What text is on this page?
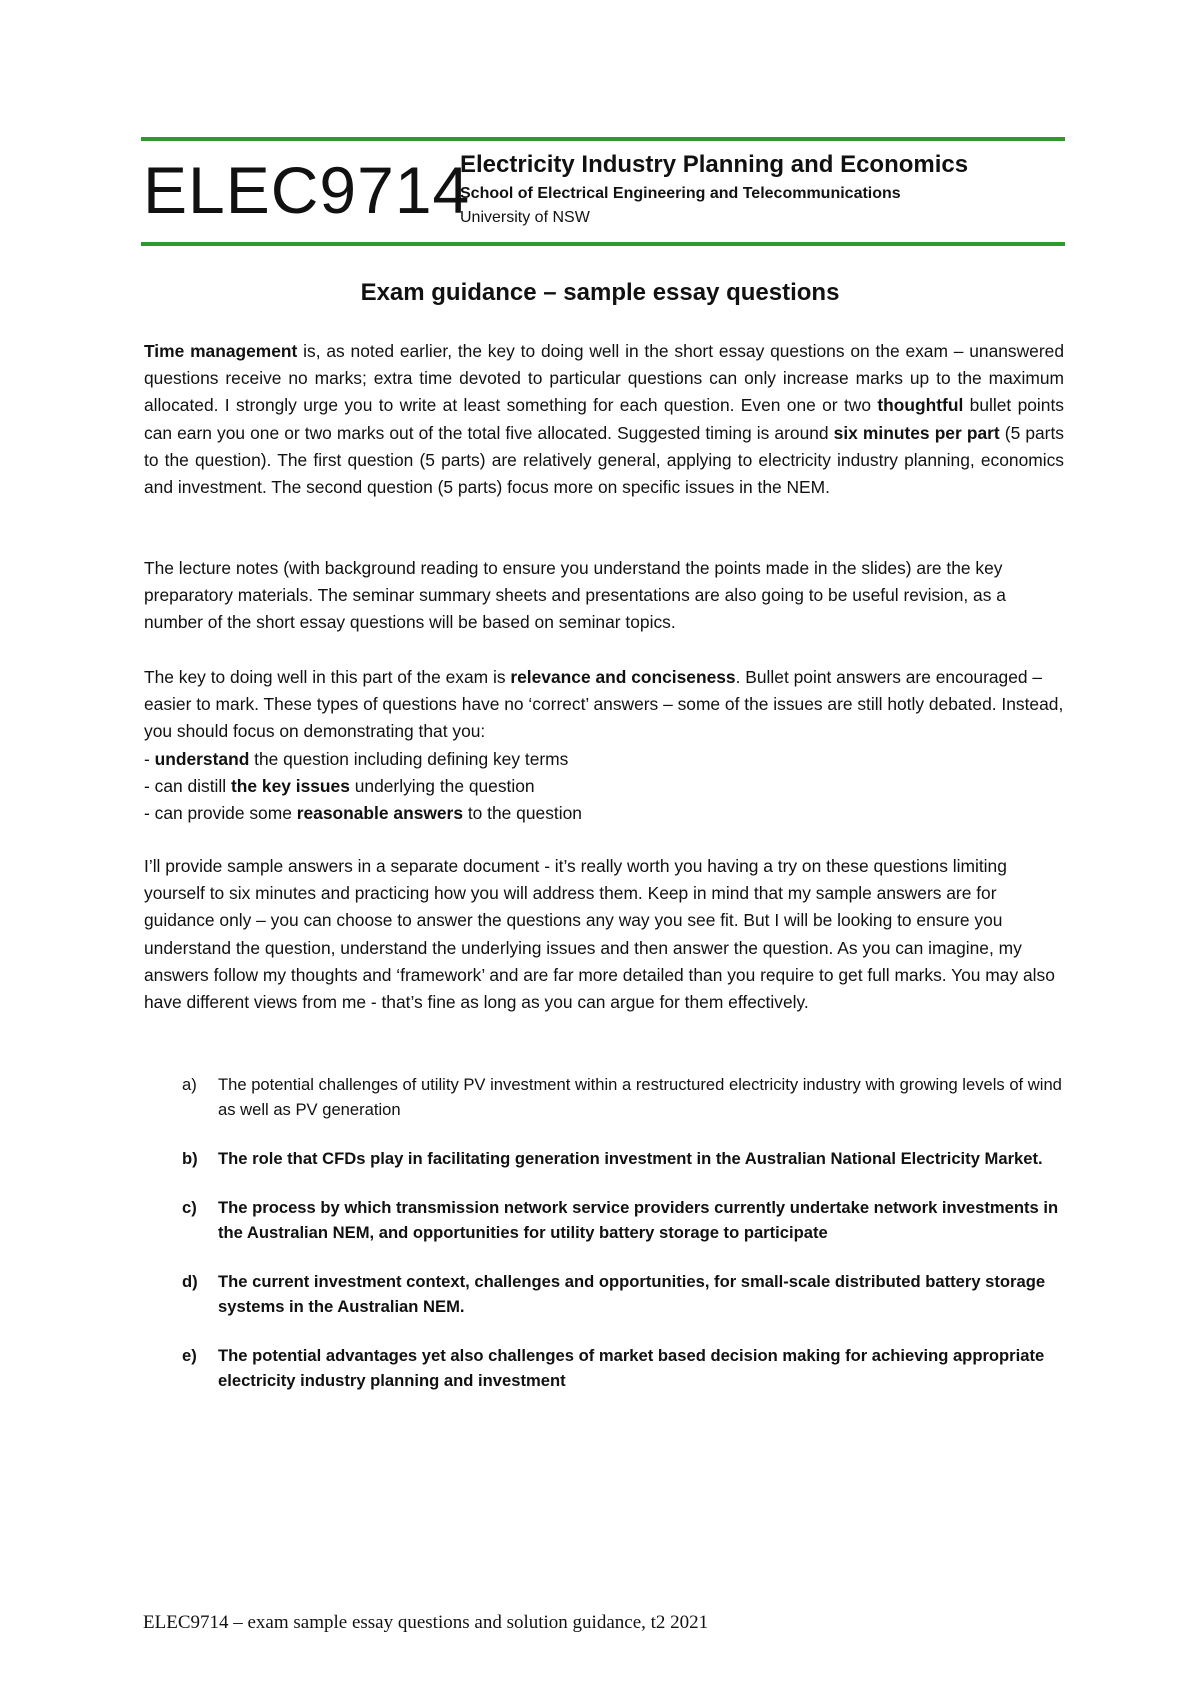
ELEC9714
Electricity Industry Planning and Economics
School of Electrical Engineering and Telecommunications
University of NSW
Exam guidance – sample essay questions

Time management is, as noted earlier, the key to doing well in the short essay questions on the exam – unanswered questions receive no marks; extra time devoted to particular questions can only increase marks up to the maximum allocated. I strongly urge you to write at least something for each question. Even one or two thoughtful bullet points can earn you one or two marks out of the total five allocated. Suggested timing is around six minutes per part (5 parts to the question). The first question (5 parts) are relatively general, applying to electricity industry planning, economics and investment. The second question (5 parts) focus more on specific issues in the NEM.

The lecture notes (with background reading to ensure you understand the points made in the slides) are the key preparatory materials. The seminar summary sheets and presentations are also going to be useful revision, as a number of the short essay questions will be based on seminar topics.

The key to doing well in this part of the exam is relevance and conciseness. Bullet point answers are encouraged – easier to mark. These types of questions have no ‘correct’ answers – some of the issues are still hotly debated. Instead, you should focus on demonstrating that you:

- understand the question including defining key terms
- can distill the key issues underlying the question
- can provide some reasonable answers to the question

I’ll provide sample answers in a separate document - it’s really worth you having a try on these questions limiting yourself to six minutes and practicing how you will address them. Keep in mind that my sample answers are for guidance only – you can choose to answer the questions any way you see fit. But I will be looking to ensure you understand the question, understand the underlying issues and then answer the question. As you can imagine, my answers follow my thoughts and ‘framework’ and are far more detailed than you require to get full marks. You may also have different views from me - that’s fine as long as you can argue for them effectively.

a) The potential challenges of utility PV investment within a restructured electricity industry with growing levels of wind as well as PV generation
b) The role that CFDs play in facilitating generation investment in the Australian National Electricity Market.
c) The process by which transmission network service providers currently undertake network investments in the Australian NEM, and opportunities for utility battery storage to participate
d) The current investment context, challenges and opportunities, for small-scale distributed battery storage systems in the Australian NEM.
e) The potential advantages yet also challenges of market based decision making for achieving appropriate electricity industry planning and investment
ELEC9714 – exam sample essay questions and solution guidance, t2 2021
